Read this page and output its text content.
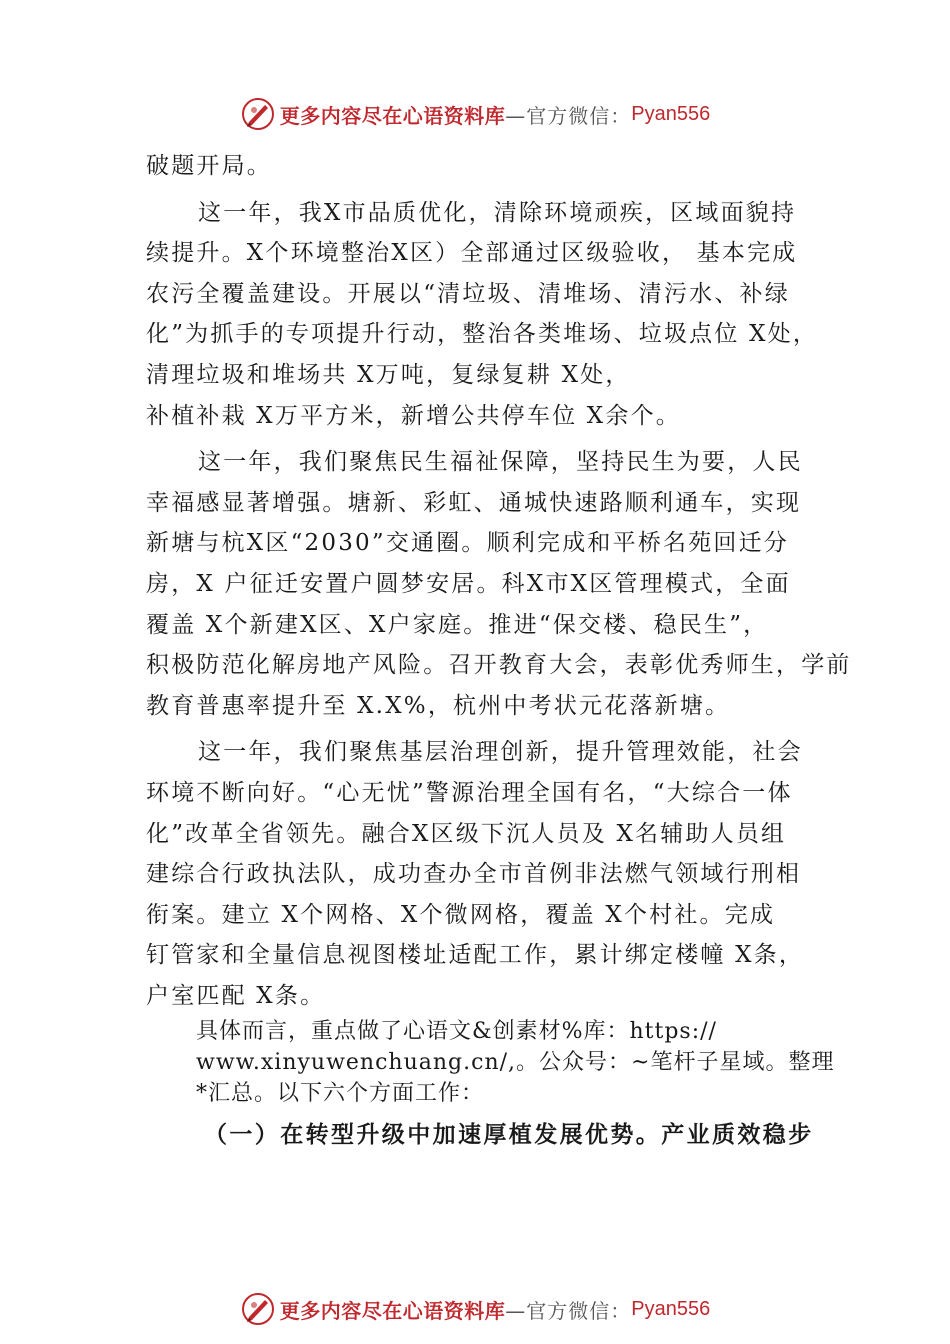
更多内容尽在心语资料库 —官方微信： Pyan556
破题开局。
这一年，我X市品质优化，清除环境顽疾，区域面貌持
续提升。X个环境整治X区）全部通过区级验收， 基本完成
农污全覆盖建设。开展以“清垃圾、清堆场、清污水、补绿
化”为抓手的专项提升行动，整治各类堆场、垃圾点位 X处，
清理垃圾和堆场共 X万吨，复绿复耕 X处，
补植补栽 X万平方米，新增公共停车位 X余个。
这一年，我们聚焦民生福祉保障，坚持民生为要，人民
幸福感显著增强。塘新、彩虹、通城快速路顺利通车，实现
新塘与杭X区“2030”交通圈。顺利完成和平桥名苑回迁分
房，X 户征迁安置户圆梦安居。科X市X区管理模式，全面
覆盖 X个新建X区、X户家庭。推进“保交楼、稳民生”，
积极防范化解房地产风险。召开教育大会，表彰优秀师生，学前
教育普惠率提升至 X.X%，杭州中考状元花落新塘。
这一年，我们聚焦基层治理创新，提升管理效能，社会
环境不断向好。“心无忧”警源治理全国有名，“大综合一体
化”改革全省领先。融合X区级下沉人员及 X名辅助人员组
建综合行政执法队，成功查办全市首例非法燃气领域行刑相
衔案。建立 X个网格、X个微网格，覆盖 X个村社。完成
钉管家和全量信息视图楼址适配工作，累计绑定楼幢 X条，
户室匹配 X条。
具体而言，重点做了心语文&创素材%库：https://
www.xinyuwenchuang.cn/,。公众号：~笔杆子星域。整理
*汇总。以下六个方面工作：
（一）在转型升级中加速厚植发展优势。产业质效稳步
更多内容尽在心语资料库 —官方微信： Pyan556
